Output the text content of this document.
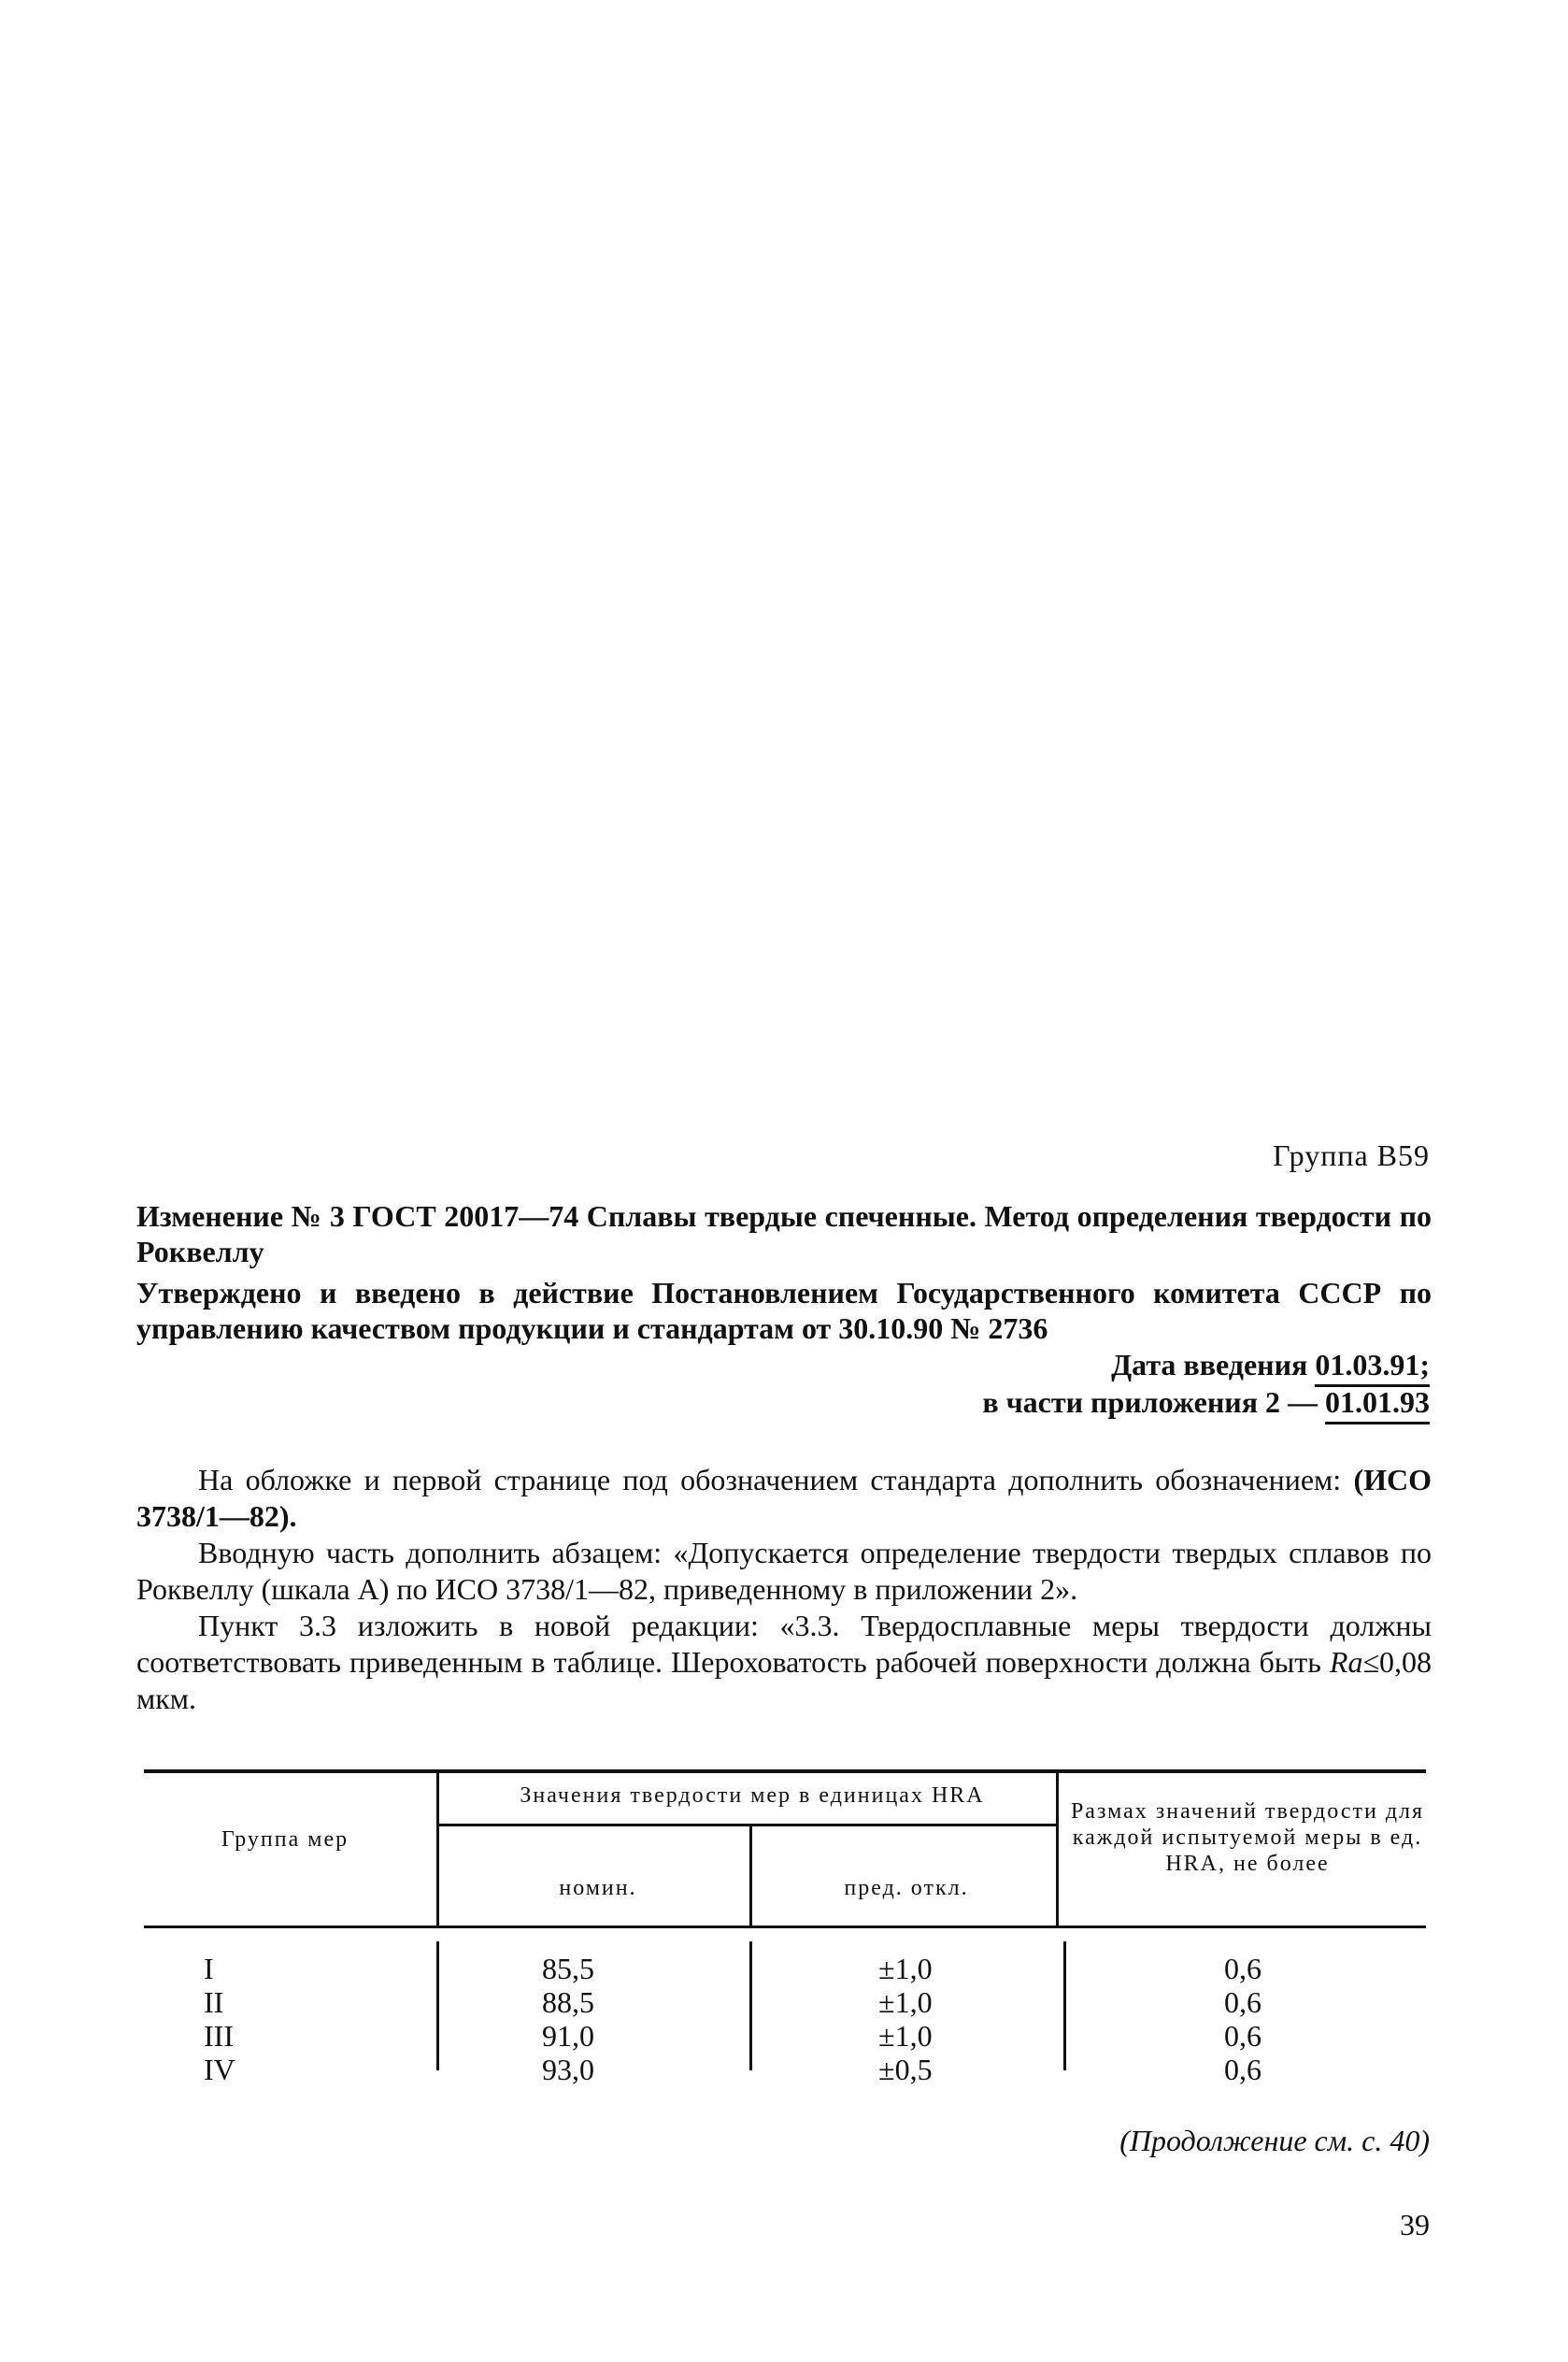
Группа В59
Изменение № 3 ГОСТ 20017—74 Сплавы твердые спеченные. Метод определения твердости по Роквеллу
Утверждено и введено в действие Постановлением Государственного комитета СССР по управлению качеством продукции и стандартам от 30.10.90 № 2736
Дата введения 01.03.91;
в части приложения 2 — 01.01.93

На обложке и первой странице под обозначением стандарта дополнить обозначением: (ИСО 3738/1—82).

Вводную часть дополнить абзацем: «Допускается определение твердости твердых сплавов по Роквеллу (шкала А) по ИСО 3738/1—82, приведенному в приложении 2».

Пункт 3.3 изложить в новой редакции: «3.3. Твердосплавные меры твердости должны соответствовать приведенным в таблице. Шероховатость рабочей поверхности должна быть Ra≤0,08 мкм.

Группа мер
Значения твердости мер в единицах HRA
номин.	пред. откл.
Размах значений твердости для каждой испытуемой меры в ед. HRA, не более
I
II
III
IV
85,5
88,5
91,0
93,0
±1,0
±1,0
±1,0
±0,5
0,6
0,6
0,6
0,6
(Продолжение см. с. 40)
39
